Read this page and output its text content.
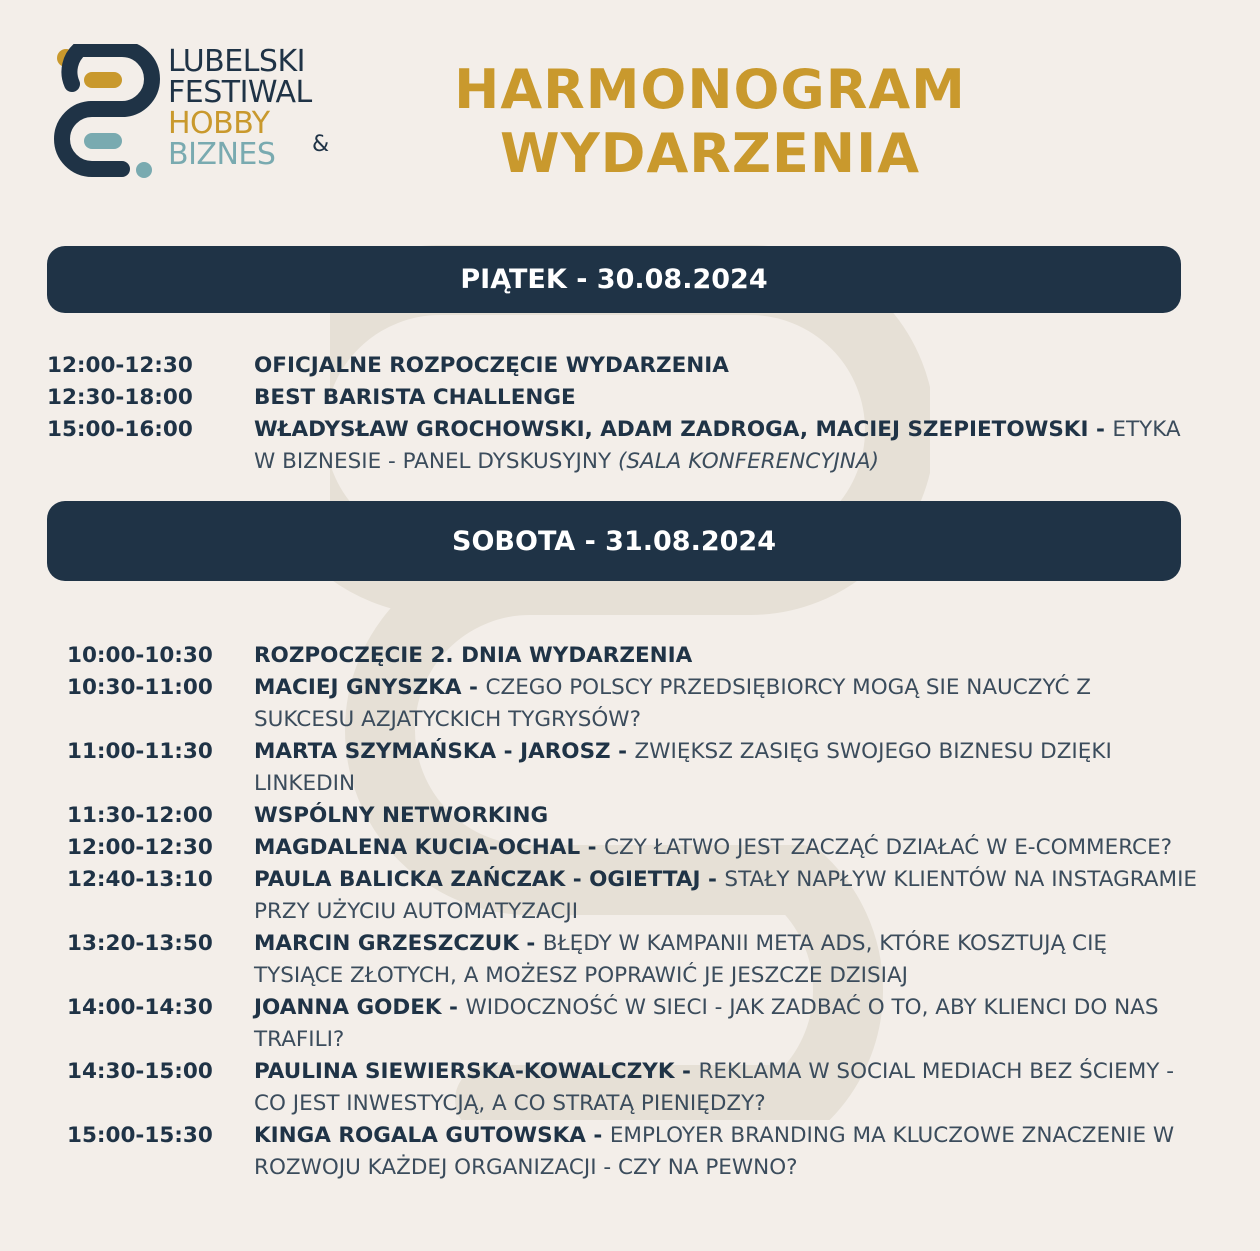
LUBELSKI
FESTIWAL
HOBBY
BIZNES	&
HARMONOGRAM
WYDARZENIA
PIĄTEK - 30.08.2024
12:00-12:30	OFICJALNE ROZPOCZĘCIE WYDARZENIA
12:30-18:00	BEST BARISTA CHALLENGE
15:00-16:00	WŁADYSŁAW GROCHOWSKI, ADAM ZADROGA, MACIEJ SZEPIETOWSKI - ETYKA W BIZNESIE - PANEL DYSKUSYJNY (SALA KONFERENCYJNA)
SOBOTA - 31.08.2024
10:00-10:30	ROZPOCZĘCIE 2. DNIA WYDARZENIA
10:30-11:00	MACIEJ GNYSZKA - CZEGO POLSCY PRZEDSIĘBIORCY MOGĄ SIE NAUCZYĆ Z SUKCESU AZJATYCKICH TYGRYSÓW?
11:00-11:30	MARTA SZYMAŃSKA - JAROSZ - ZWIĘKSZ ZASIĘG SWOJEGO BIZNESU DZIĘKI LINKEDIN
11:30-12:00	WSPÓLNY NETWORKING
12:00-12:30	MAGDALENA KUCIA-OCHAL - CZY ŁATWO JEST ZACZĄĆ DZIAŁAĆ W E-COMMERCE?
12:40-13:10	PAULA BALICKA ZAŃCZAK - OGIETTAJ - STAŁY NAPŁYW KLIENTÓW NA INSTAGRAMIE PRZY UŻYCIU AUTOMATYZACJI
13:20-13:50	MARCIN GRZESZCZUK - BŁĘDY W KAMPANII META ADS, KTÓRE KOSZTUJĄ CIĘ TYSIĄCE ZŁOTYCH, A MOŻESZ POPRAWIĆ JE JESZCZE DZISIAJ
14:00-14:30	JOANNA GODEK - WIDOCZNOŚĆ W SIECI - JAK ZADBAĆ O TO, ABY KLIENCI DO NAS TRAFILI?
14:30-15:00	PAULINA SIEWIERSKA-KOWALCZYK - REKLAMA W SOCIAL MEDIACH BEZ ŚCIEMY - CO JEST INWESTYCJĄ, A CO STRATĄ PIENIĘDZY?
15:00-15:30	KINGA ROGALA GUTOWSKA - EMPLOYER BRANDING MA KLUCZOWE ZNACZENIE W ROZWOJU KAŻDEJ ORGANIZACJI - CZY NA PEWNO?
